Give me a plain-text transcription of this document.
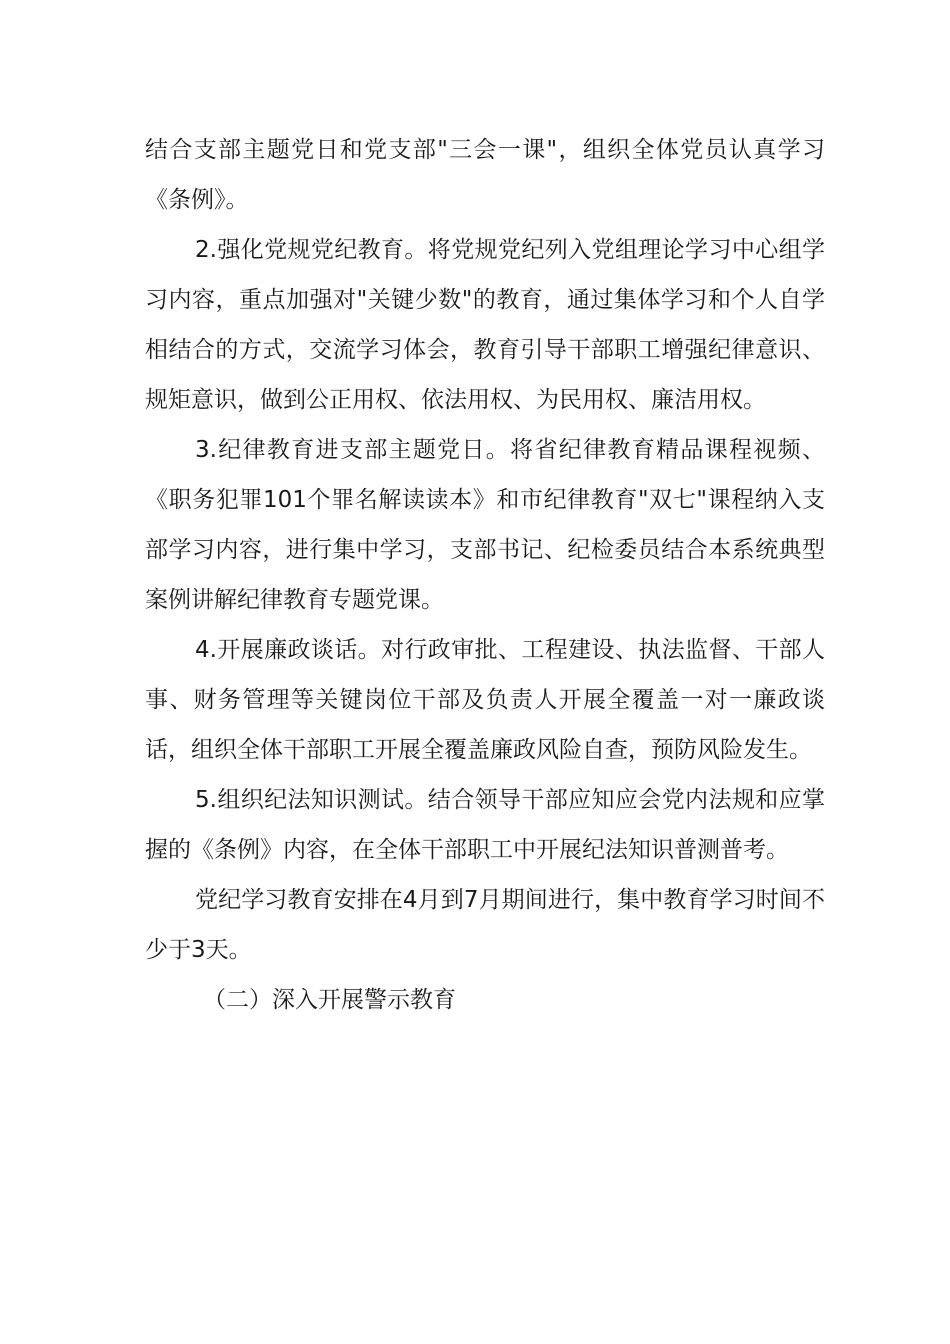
结合支部主题党日和党支部"三会一课"，组织全体党员认真学习《条例》。

2.强化党规党纪教育。将党规党纪列入党组理论学习中心组学习内容，重点加强对"关键少数"的教育，通过集体学习和个人自学相结合的方式，交流学习体会，教育引导干部职工增强纪律意识、规矩意识，做到公正用权、依法用权、为民用权、廉洁用权。

3.纪律教育进支部主题党日。将省纪律教育精品课程视频、《职务犯罪101个罪名解读读本》和市纪律教育"双七"课程纳入支部学习内容，进行集中学习，支部书记、纪检委员结合本系统典型案例讲解纪律教育专题党课。

4.开展廉政谈话。对行政审批、工程建设、执法监督、干部人事、财务管理等关键岗位干部及负责人开展全覆盖一对一廉政谈话，组织全体干部职工开展全覆盖廉政风险自查，预防风险发生。

5.组织纪法知识测试。结合领导干部应知应会党内法规和应掌握的《条例》内容，在全体干部职工中开展纪法知识普测普考。

党纪学习教育安排在4月到7月期间进行，集中教育学习时间不少于3天。

（二）深入开展警示教育
